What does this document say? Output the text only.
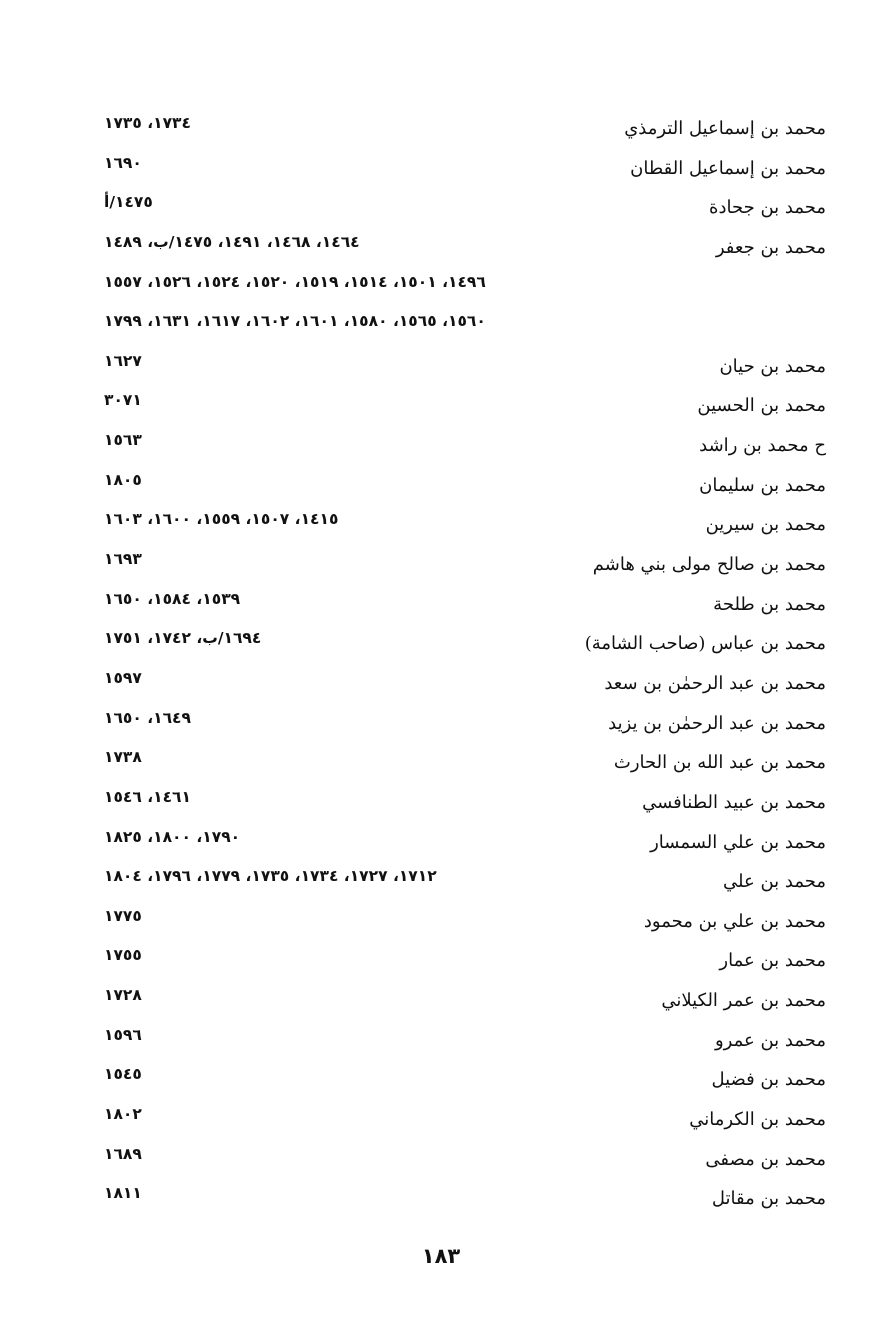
محمد بن إسماعيل الترمذي
١٧٣٤، ١٧٣٥
محمد بن إسماعيل القطان
١٦٩٠
محمد بن جحادة
١٤٧٥/أ
محمد بن جعفر
١٤٦٤، ١٤٦٨، ١٤٩١، ١٤٧٥/ب، ١٤٨٩
١٤٩٦، ١٥٠١، ١٥١٤، ١٥١٩، ١٥٢٠، ١٥٢٤، ١٥٢٦، ١٥٥٧
١٥٦٠، ١٥٦٥، ١٥٨٠، ١٦٠١، ١٦٠٢، ١٦١٧، ١٦٣١، ١٧٩٩
محمد بن حيان
١٦٢٧
محمد بن الحسين
٣٠٧١
ح محمد بن راشد
١٥٦٣
محمد بن سليمان
١٨٠٥
محمد بن سيرين
١٤١٥، ١٥٠٧، ١٥٥٩، ١٦٠٠، ١٦٠٣
محمد بن صالح مولى بني هاشم
١٦٩٣
محمد بن طلحة
١٥٣٩، ١٥٨٤، ١٦٥٠
محمد بن عباس (صاحب الشامة)
١٦٩٤/ب، ١٧٤٢، ١٧٥١
محمد بن عبد الرحمٰن بن سعد
١٥٩٧
محمد بن عبد الرحمٰن بن يزيد
١٦٤٩، ١٦٥٠
محمد بن عبد الله بن الحارث
١٧٣٨
محمد بن عبيد الطنافسي
١٤٦١، ١٥٤٦
محمد بن علي السمسار
١٧٩٠، ١٨٠٠، ١٨٢٥
محمد بن علي
١٧١٢، ١٧٢٧، ١٧٣٤، ١٧٣٥، ١٧٧٩، ١٧٩٦، ١٨٠٤
محمد بن علي بن محمود
١٧٧٥
محمد بن عمار
١٧٥٥
محمد بن عمر الكيلاني
١٧٢٨
محمد بن عمرو
١٥٩٦
محمد بن فضيل
١٥٤٥
محمد بن الكرماني
١٨٠٢
محمد بن مصفى
١٦٨٩
محمد بن مقاتل
١٨١١
١٨٣
